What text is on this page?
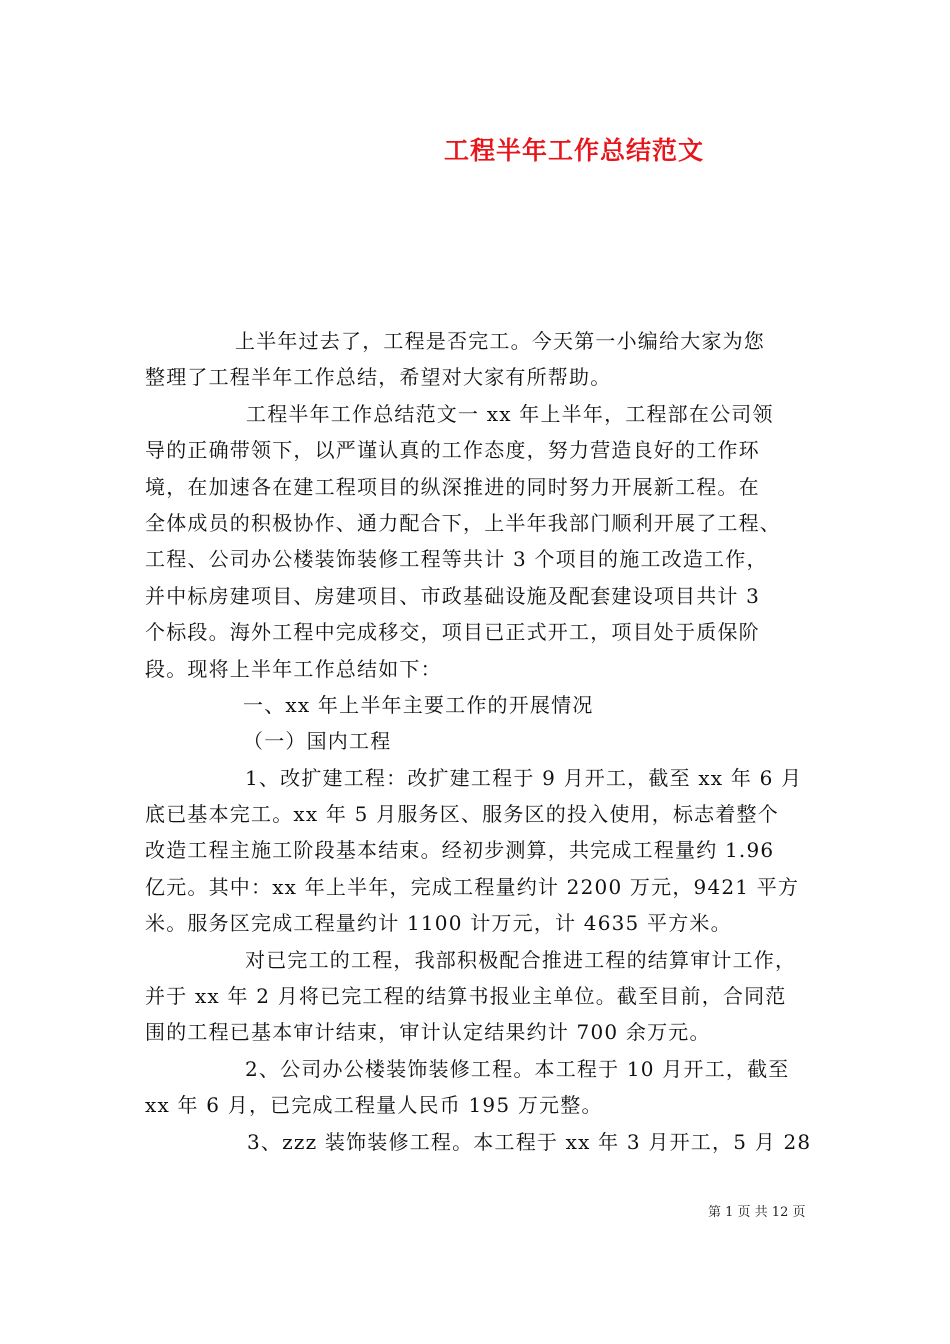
工程半年工作总结范文
上半年过去了，工程是否完工。今天第一小编给大家为您
整理了工程半年工作总结，希望对大家有所帮助。
工程半年工作总结范文一 xx 年上半年，工程部在公司领
导的正确带领下，以严谨认真的工作态度，努力营造良好的工作环
境，在加速各在建工程项目的纵深推进的同时努力开展新工程。在
全体成员的积极协作、通力配合下，上半年我部门顺利开展了工程、
工程、公司办公楼装饰装修工程等共计 3 个项目的施工改造工作，
并中标房建项目、房建项目、市政基础设施及配套建设项目共计 3
个标段。海外工程中完成移交，项目已正式开工，项目处于质保阶
段。现将上半年工作总结如下：
一、xx 年上半年主要工作的开展情况
（一）国内工程
1、改扩建工程：改扩建工程于 9 月开工，截至 xx 年 6 月
底已基本完工。xx 年 5 月服务区、服务区的投入使用，标志着整个
改造工程主施工阶段基本结束。经初步测算，共完成工程量约 1.96
亿元。其中：xx 年上半年，完成工程量约计 2200 万元，9421 平方
米。服务区完成工程量约计 1100 计万元，计 4635 平方米。
对已完工的工程，我部积极配合推进工程的结算审计工作，
并于 xx 年 2 月将已完工程的结算书报业主单位。截至目前，合同范
围的工程已基本审计结束，审计认定结果约计 700 余万元。
2、公司办公楼装饰装修工程。本工程于 10 月开工，截至
xx 年 6 月，已完成工程量人民币 195 万元整。
3、zzz 装饰装修工程。本工程于 xx 年 3 月开工，5 月 28
第 1 页 共 12 页
